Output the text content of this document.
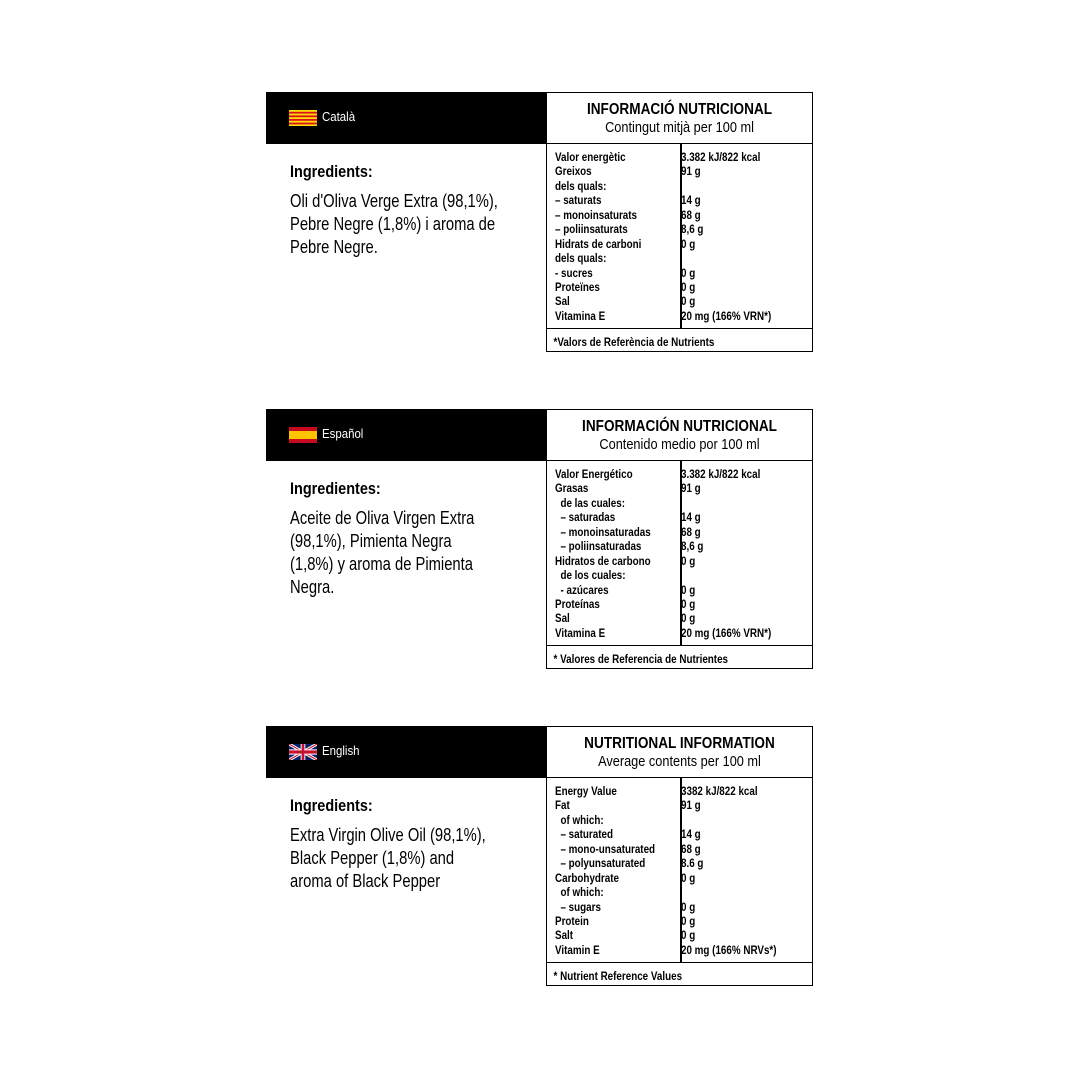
Català
Ingredients:
Oli d'Oliva Verge Extra (98,1%), Pebre Negre (1,8%) i aroma de Pebre Negre.
INFORMACIÓ NUTRICIONAL
Contingut mitjà per 100 ml
Valor energètic	3.382 kJ/822 kcal
Greixos	91 g
dels quals:
– saturats	14 g
– monoinsaturats	68 g
– poliinsaturats	8,6 g
Hidrats de carboni	0 g
dels quals:
- sucres	0 g
Proteïnes	0 g
Sal	0 g
Vitamina E	20 mg (166% VRN*)
*Valors de Referència de Nutrients
Español
Ingredientes:
Aceite de Oliva Virgen Extra (98,1%), Pimienta Negra (1,8%) y aroma de Pimienta Negra.
INFORMACIÓN NUTRICIONAL
Contenido medio por 100 ml
Valor Energético	3.382 kJ/822 kcal
Grasas	91 g
de las cuales:
– saturadas	14 g
– monoinsaturadas	68 g
– poliinsaturadas	8,6 g
Hidratos de carbono	0 g
de los cuales:
- azúcares	0 g
Proteínas	0 g
Sal	0 g
Vitamina E	20 mg (166% VRN*)
* Valores de Referencia de Nutrientes
English
Ingredients:
Extra Virgin Olive Oil (98,1%), Black Pepper (1,8%) and aroma of Black Pepper
NUTRITIONAL INFORMATION
Average contents per 100 ml
Energy Value	3382 kJ/822 kcal
Fat	91 g
of which:
– saturated	14 g
– mono-unsaturated 68 g
– polyunsaturated	8.6 g
Carbohydrate	0 g
of which:
– sugars	0 g
Protein	0 g
Salt	0 g
Vitamin E	20 mg (166% NRVs*)
* Nutrient Reference Values
